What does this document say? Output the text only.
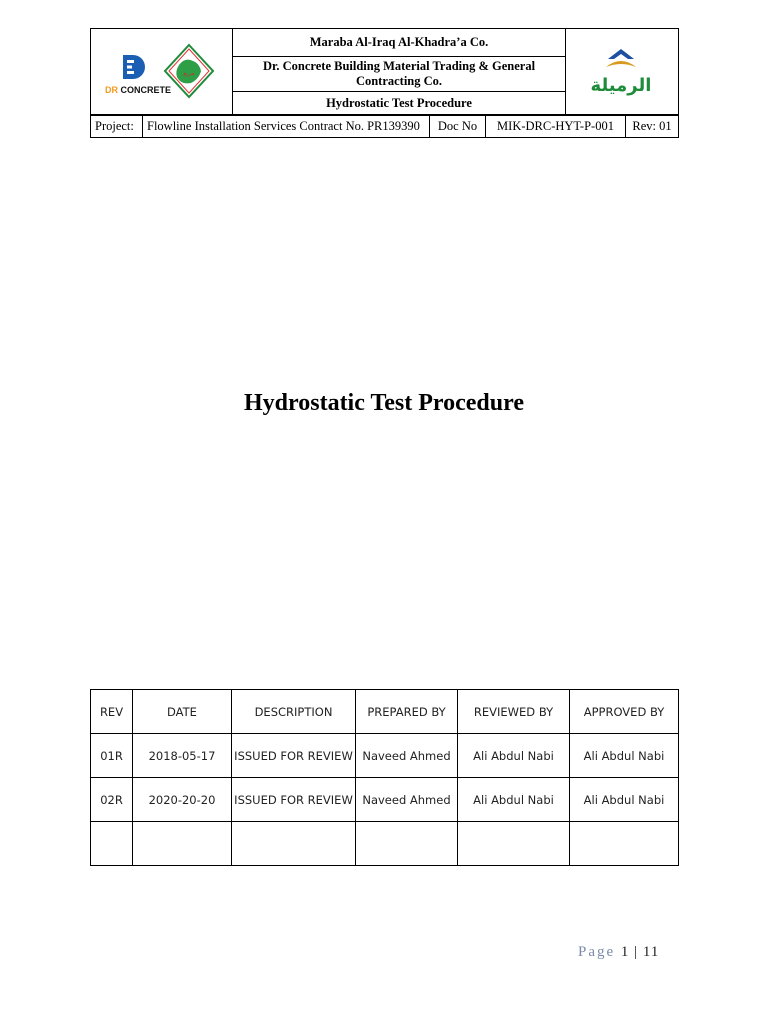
DR CONCRETE
ﻣﺮﺑﻊ
	Maraba Al-Iraq Al-Khadra’a Co.	
الرميلة

Dr. Concrete Building Material Trading & General Contracting Co.
Hydrostatic Test Procedure
Project:	Flowline Installation Services Contract No. PR139390	Doc No	MIK-DRC-HYT-P-001	Rev: 01
Hydrostatic Test Procedure
REV	DATE	DESCRIPTION	PREPARED BY	REVIEWED BY	APPROVED BY
01R	2018-05-17	ISSUED FOR REVIEW	Naveed Ahmed	Ali Abdul Nabi	Ali Abdul Nabi
02R	2020-20-20	ISSUED FOR REVIEW	Naveed Ahmed	Ali Abdul Nabi	Ali Abdul Nabi

Page 1 | 11
